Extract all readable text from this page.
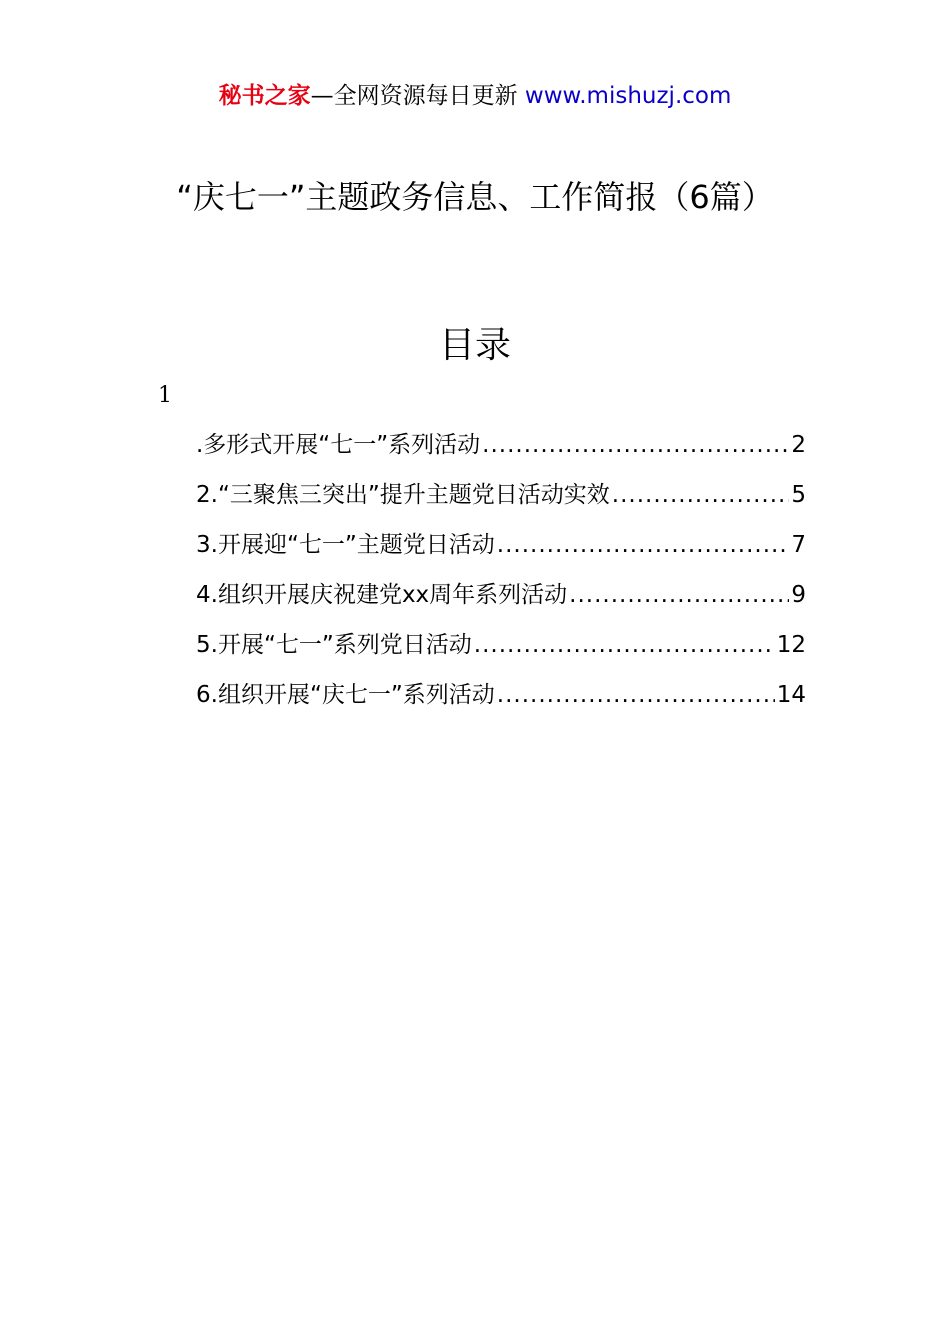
秘书之家—全网资源每日更新 www.mishuzj.com
“庆七一”主题政务信息、工作简报（6篇）
目录
1
.多形式开展“七一”系列活动 .....	2
2.“三聚焦三突出”提升主题党日活动实效 .....	5
3.开展迎“七一”主题党日活动 .....	7
4.组织开展庆祝建党xx周年系列活动 .....	9
5.开展“七一”系列党日活动 .....	12
6.组织开展“庆七一”系列活动 .....	14
